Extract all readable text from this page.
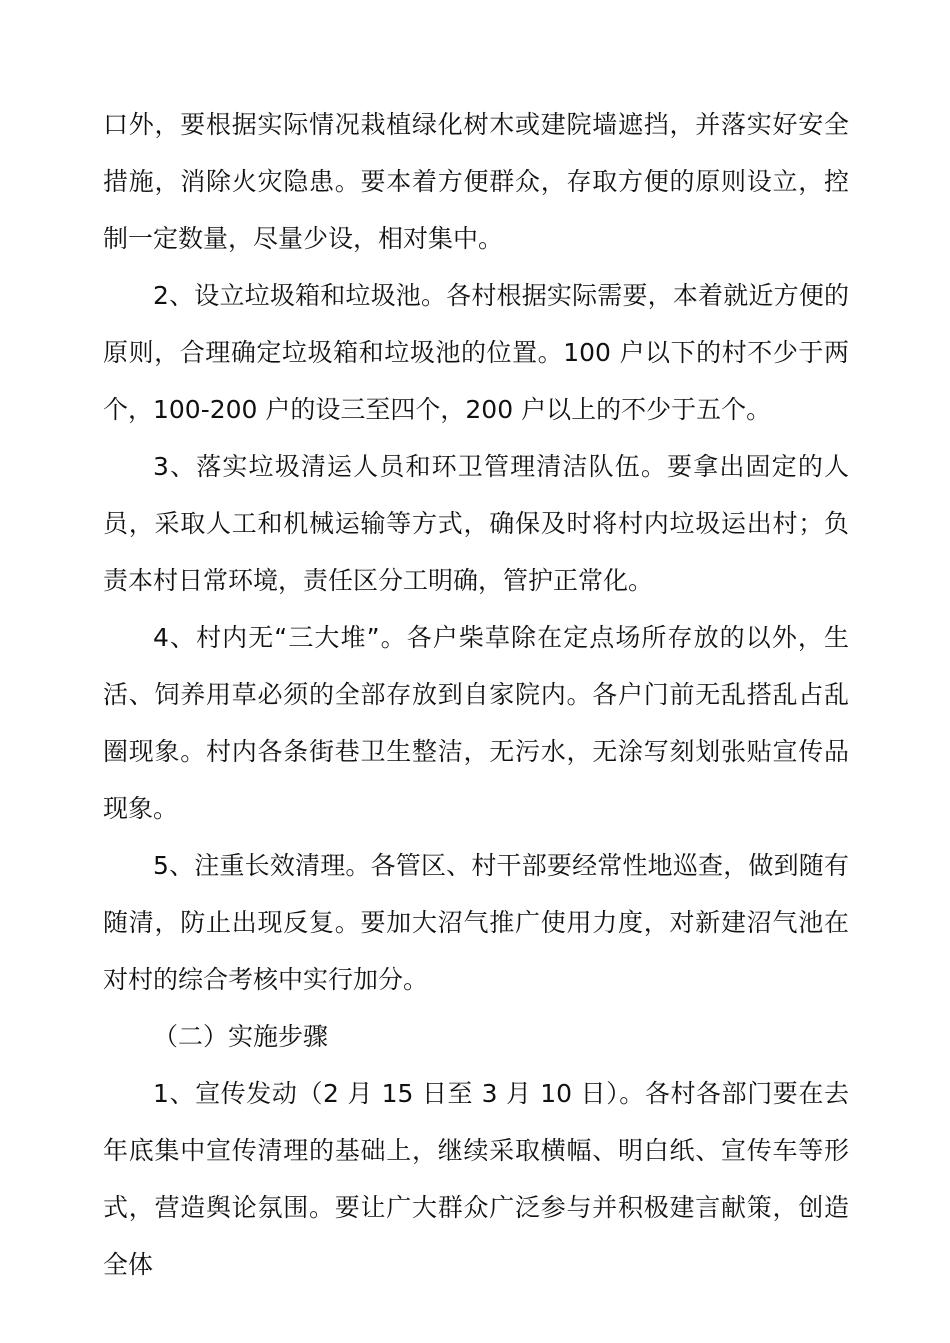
口外，要根据实际情况栽植绿化树木或建院墙遮挡，并落实好安全措施，消除火灾隐患。要本着方便群众，存取方便的原则设立，控制一定数量，尽量少设，相对集中。

2、设立垃圾箱和垃圾池。各村根据实际需要，本着就近方便的原则，合理确定垃圾箱和垃圾池的位置。100 户以下的村不少于两个，100-200 户的设三至四个，200 户以上的不少于五个。

3、落实垃圾清运人员和环卫管理清洁队伍。要拿出固定的人员，采取人工和机械运输等方式，确保及时将村内垃圾运出村；负责本村日常环境，责任区分工明确，管护正常化。

4、村内无“三大堆”。各户柴草除在定点场所存放的以外，生活、饲养用草必须的全部存放到自家院内。各户门前无乱搭乱占乱圈现象。村内各条街巷卫生整洁，无污水，无涂写刻划张贴宣传品现象。

5、注重长效清理。各管区、村干部要经常性地巡查，做到随有随清，防止出现反复。要加大沼气推广使用力度，对新建沼气池在对村的综合考核中实行加分。

（二）实施步骤

1、宣传发动（2 月 15 日至 3 月 10 日）。各村各部门要在去年底集中宣传清理的基础上，继续采取横幅、明白纸、宣传车等形式，营造舆论氛围。要让广大群众广泛参与并积极建言献策，创造全体
